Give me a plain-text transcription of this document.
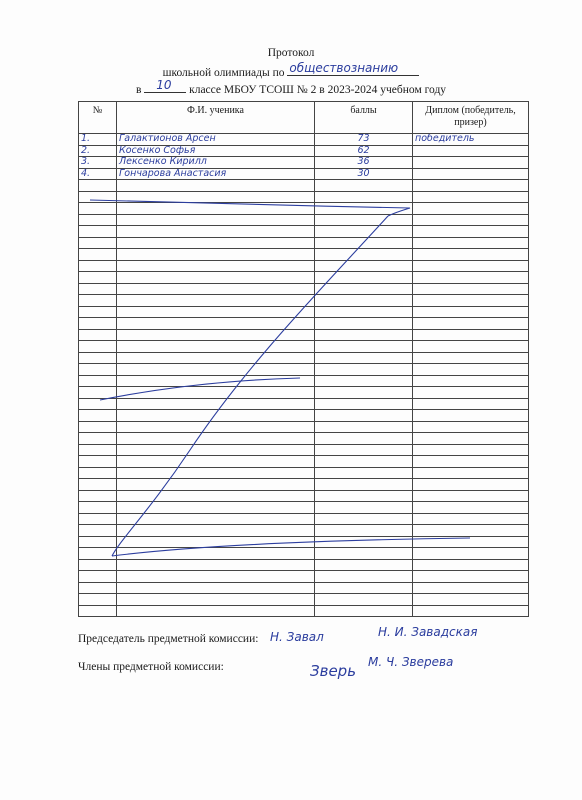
Протокол
школьной олимпиады по обществознанию
в 10 классе МБОУ ТСОШ № 2 в 2023-2024 учебном году
№	Ф.И. ученика	баллы	Диплом (победитель, призер)
1.	Галактионов Арсен	73	победитель
2.	Косенко Софья	62	
3.	Лексенко Кирилл	36	
4.	Гончарова Анастасия	30	

Председатель предметной комиссии: Н. Завал	Н. И. Завадская
Члены предметной комиссии:	Зверь М. Ч. Зверева
